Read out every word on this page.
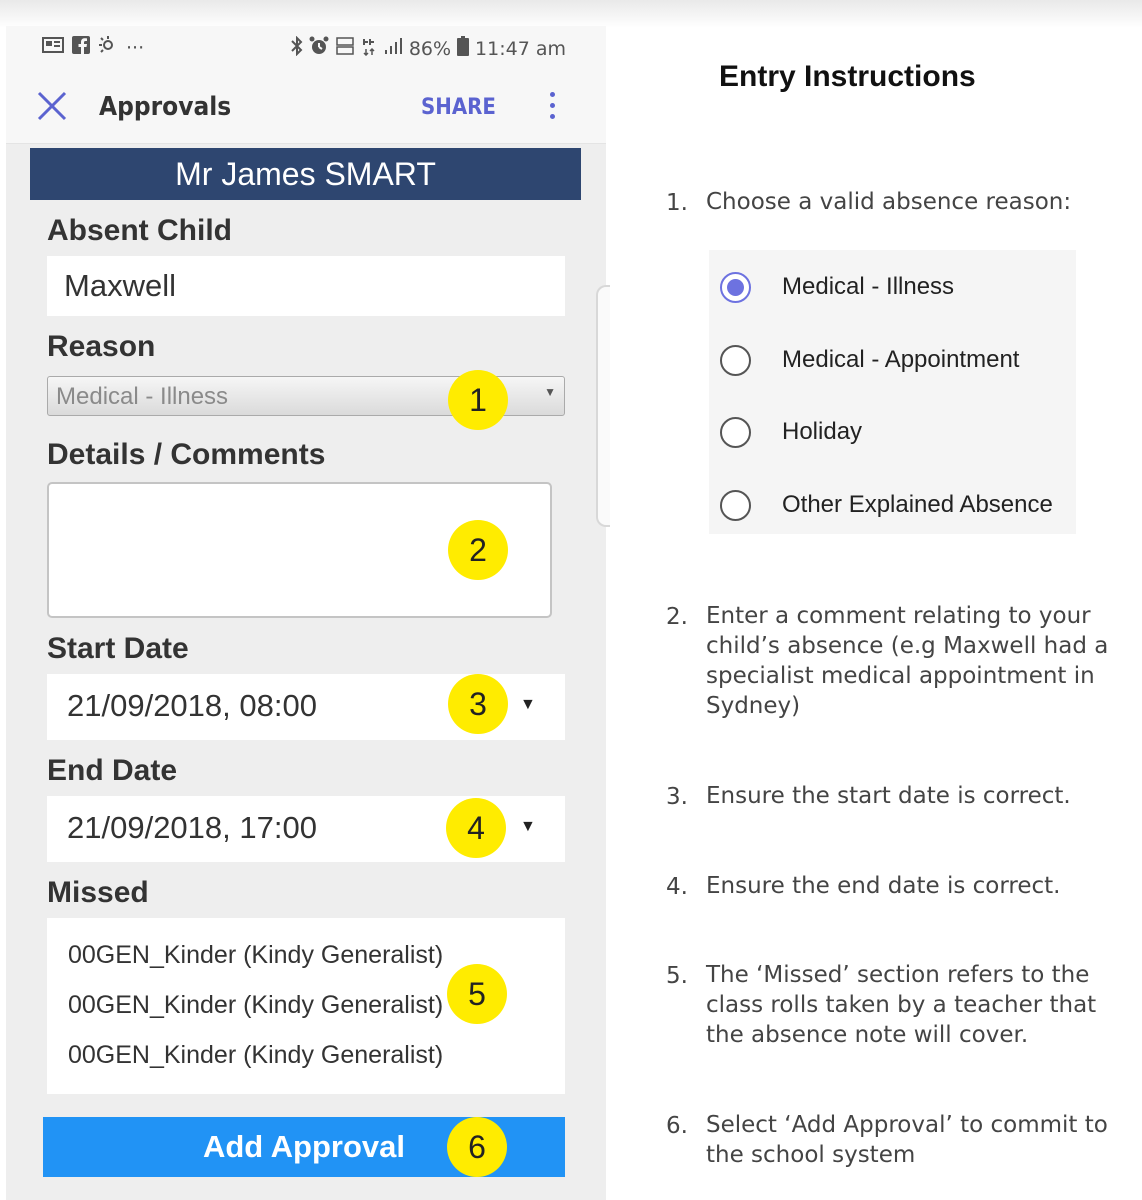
···	86% 11:47 am
Approvals	SHARE
Mr James SMART
Absent Child
Maxwell
Reason
Medical - Illness	▼
Details / Comments
Start Date
21/09/2018, 08:00	▼
End Date
21/09/2018, 17:00	▼
Missed
00GEN_Kinder (Kindy Generalist)
00GEN_Kinder (Kindy Generalist)
00GEN_Kinder (Kindy Generalist)
Add Approval
1
2
3
4
5
6
Entry Instructions
1. Choose a valid absence reason:
Medical - Illness
Medical - Appointment
Holiday
Other Explained Absence
2. Enter a comment relating to your child’s absence (e.g Maxwell had a specialist medical appointment in Sydney)
3. Ensure the start date is correct.
4. Ensure the end date is correct.
5. The ‘Missed’ section refers to the class rolls taken by a teacher that the absence note will cover.
6. Select ‘Add Approval’ to commit to the school system
